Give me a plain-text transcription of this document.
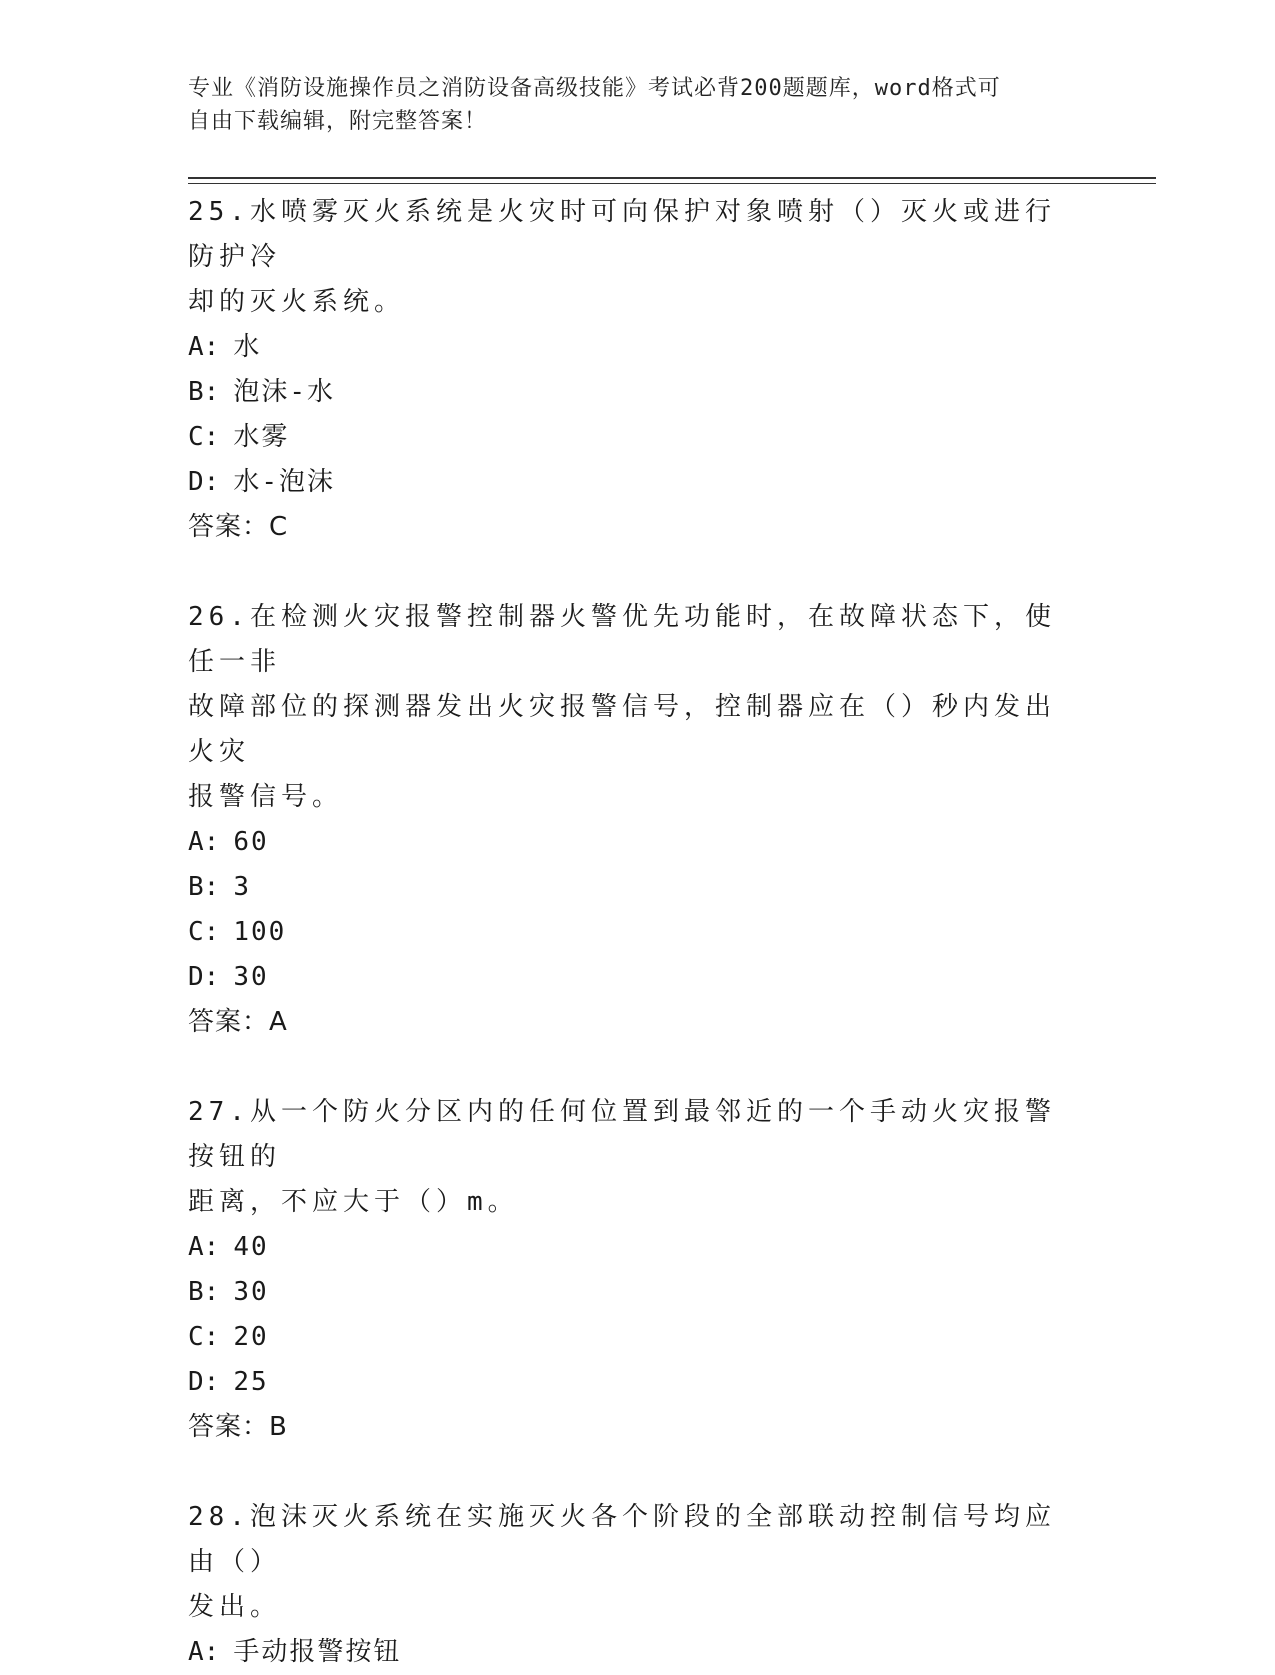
专业《消防设施操作员之消防设备高级技能》考试必背200题题库，word格式可
自由下载编辑，附完整答案！

25.水喷雾灭火系统是火灾时可向保护对象喷射（）灭火或进行防护冷

却的灭火系统。

A: 水

B: 泡沫-水

C: 水雾

D: 水-泡沫

答案：C

26.在检测火灾报警控制器火警优先功能时，在故障状态下，使任一非

故障部位的探测器发出火灾报警信号，控制器应在（）秒内发出火灾

报警信号。

A: 60

B: 3

C: 100

D: 30

答案：A

27.从一个防火分区内的任何位置到最邻近的一个手动火灾报警按钮的

距离，不应大于（）m。

A: 40

B: 30

C: 20

D: 25

答案：B

28.泡沫灭火系统在实施灭火各个阶段的全部联动控制信号均应由（）

发出。

A: 手动报警按钮
